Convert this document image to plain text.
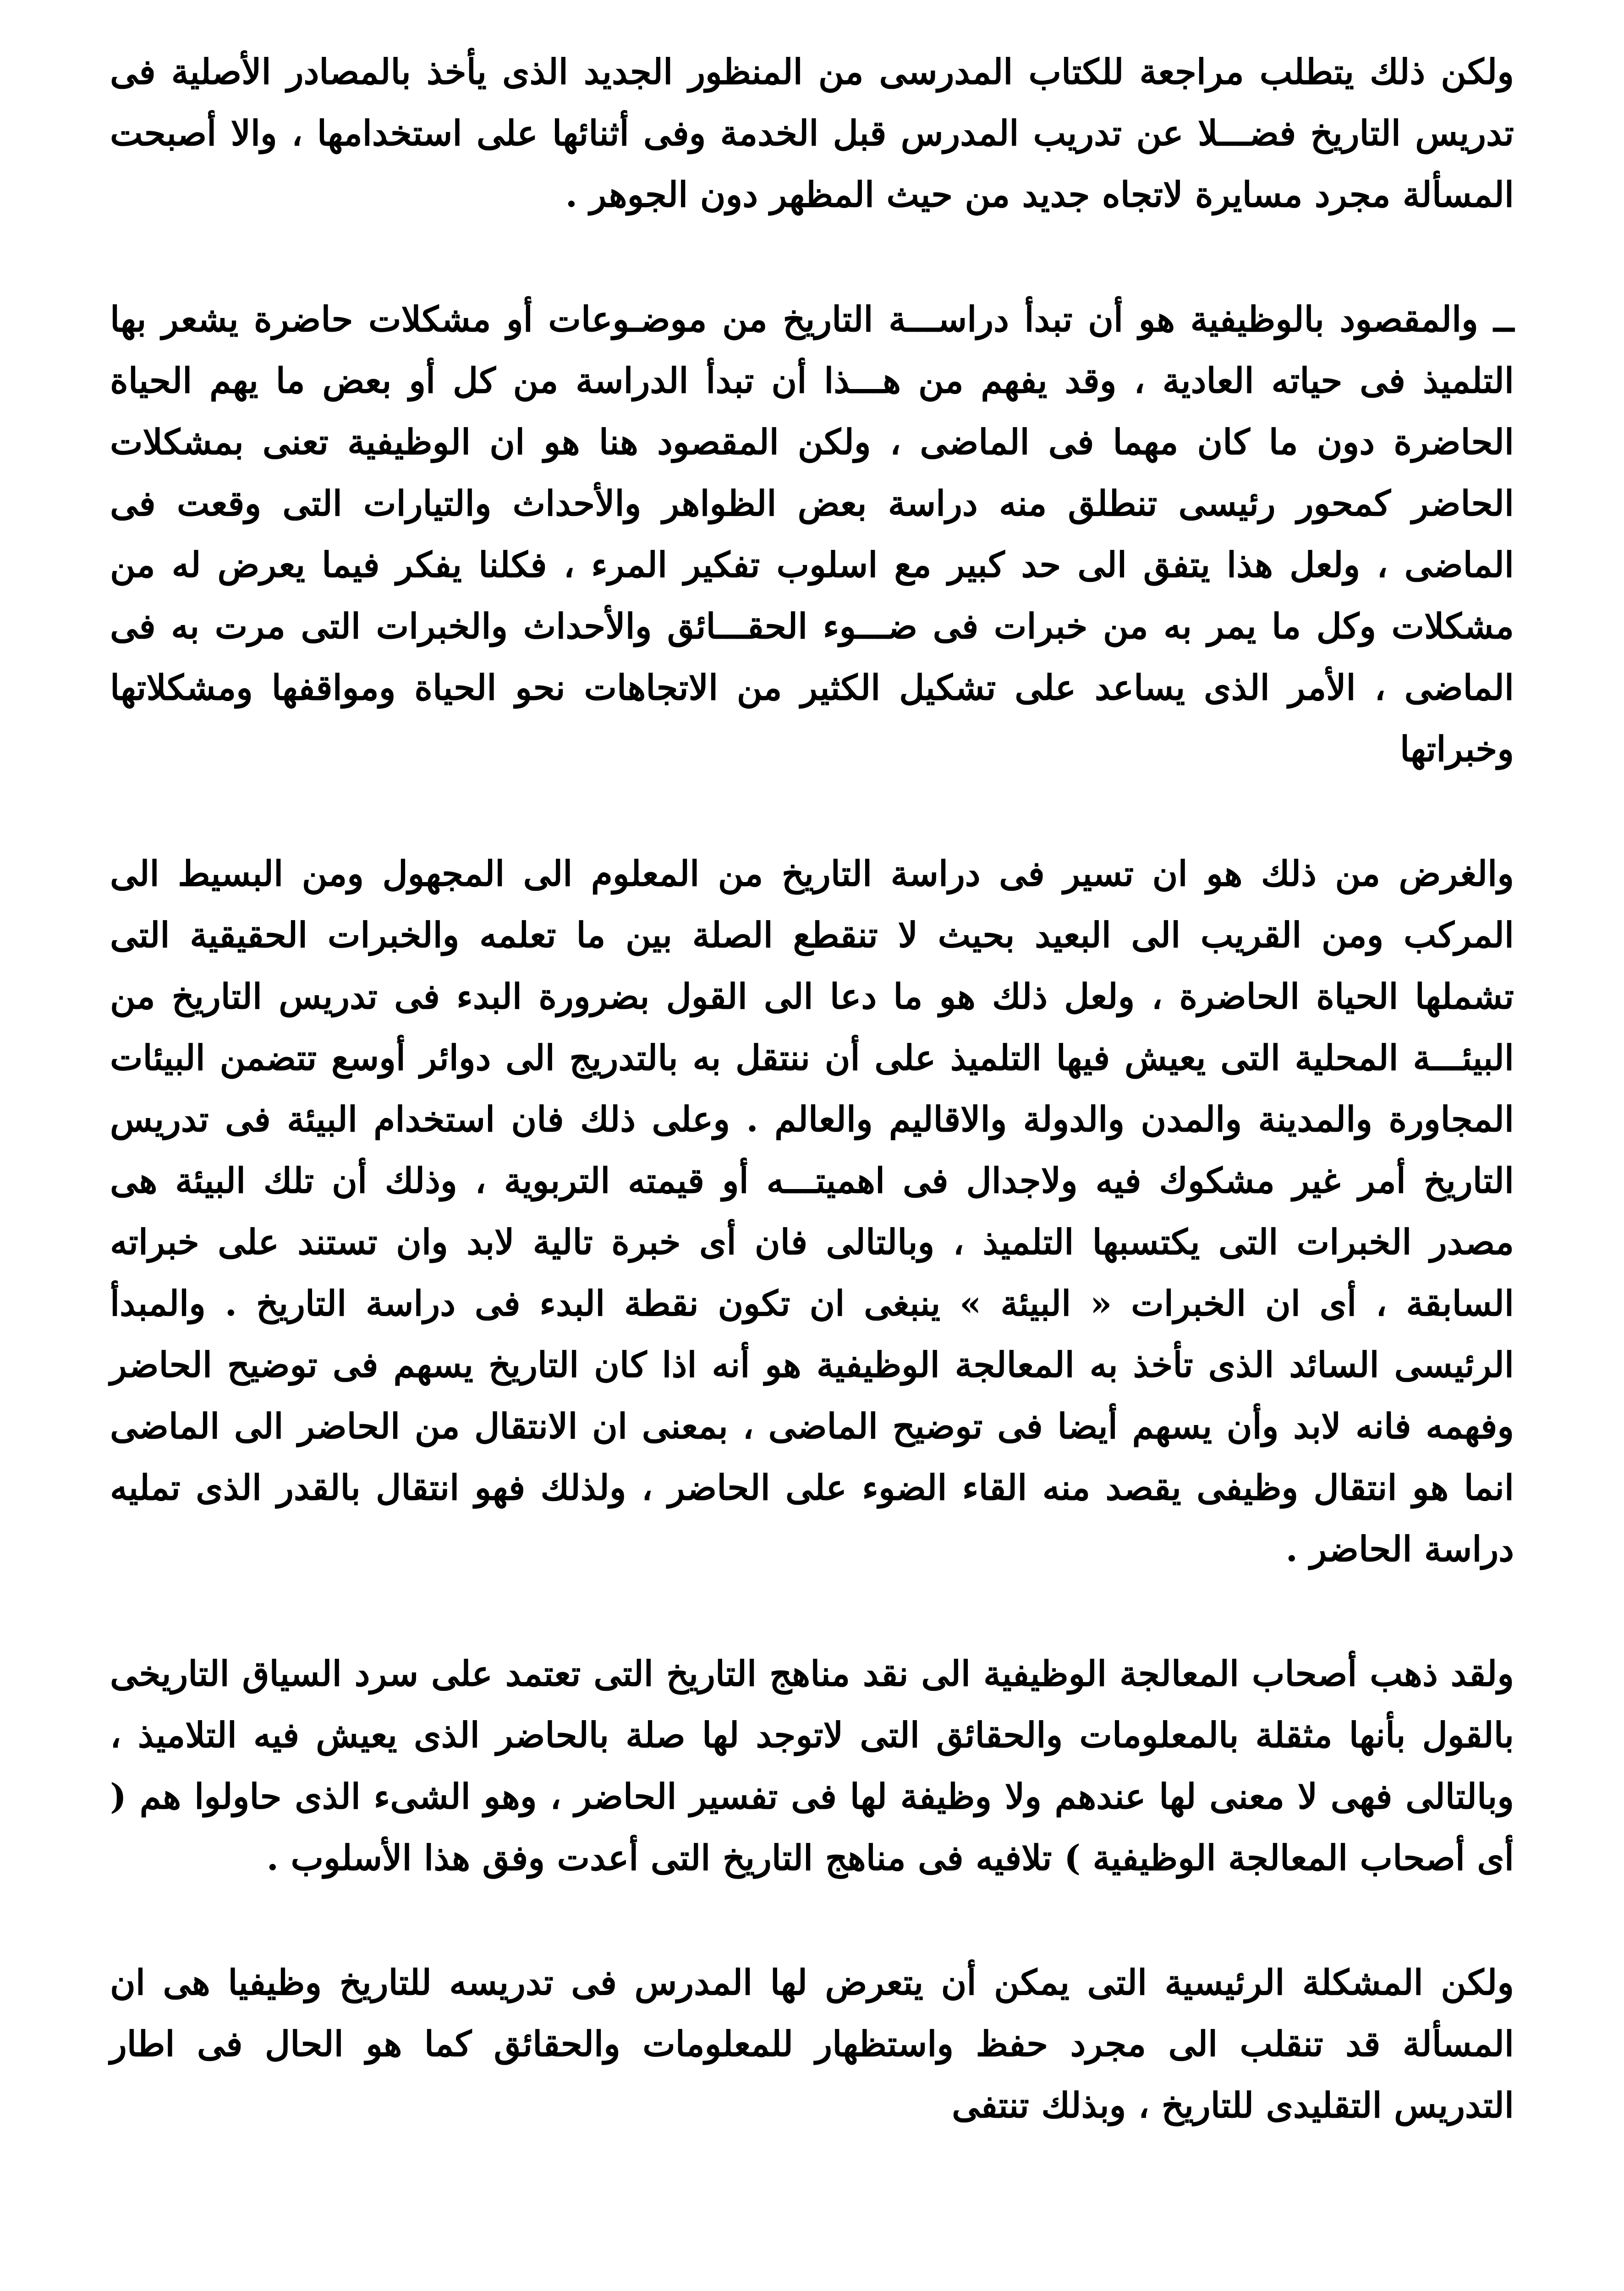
ولكن ذلك يتطلب مراجعة للكتاب المدرسى من المنظور الجديد الذى يأخذ بالمصادر الأصلية فى تدريس التاريخ فضـــلا عن تدريب المدرس قبل الخدمة وفى أثنائها على استخدامها ، والا أصبحت المسألة مجرد مسايرة لاتجاه جديد من حيث المظهر دون الجوهر .

ــ والمقصود بالوظيفية هو أن تبدأ دراســـة التاريخ من موضـوعات أو مشكلات حاضرة يشعر بها التلميذ فى حياته العادية ، وقد يفهم من هـــذا أن تبدأ الدراسة من كل أو بعض ما يهم الحياة الحاضرة دون ما كان مهما فى الماضى ، ولكن المقصود هنا هو ان الوظيفية تعنى بمشكلات الحاضر كمحور رئيسى تنطلق منه دراسة بعض الظواهر والأحداث والتيارات التى وقعت فى الماضى ، ولعل هذا يتفق الى حد كبير مع اسلوب تفكير المرء ، فكلنا يفكر فيما يعرض له من مشكلات وكل ما يمر به من خبرات فى ضـــوء الحقـــائق والأحداث والخبرات التى مرت به فى الماضى ، الأمر الذى يساعد على تشكيل الكثير من الاتجاهات نحو الحياة ومواقفها ومشكلاتها وخبراتها

والغرض من ذلك هو ان تسير فى دراسة التاريخ من المعلوم الى المجهول ومن البسيط الى المركب ومن القريب الى البعيد بحيث لا تنقطع الصلة بين ما تعلمه والخبرات الحقيقية التى تشملها الحياة الحاضرة ، ولعل ذلك هو ما دعا الى القول بضرورة البدء فى تدريس التاريخ من البيئـــة المحلية التى يعيش فيها التلميذ على أن ننتقل به بالتدريج الى دوائر أوسع تتضمن البيئات المجاورة والمدينة والمدن والدولة والاقاليم والعالم . وعلى ذلك فان استخدام البيئة فى تدريس التاريخ أمر غير مشكوك فيه ولاجدال فى اهميتـــه أو قيمته التربوية ، وذلك أن تلك البيئة هى مصدر الخبرات التى يكتسبها التلميذ ، وبالتالى فان أى خبرة تالية لابد وان تستند على خبراته السابقة ، أى ان الخبرات « البيئة » ينبغى ان تكون نقطة البدء فى دراسة التاريخ . والمبدأ الرئيسى السائد الذى تأخذ به المعالجة الوظيفية هو أنه اذا كان التاريخ يسهم فى توضيح الحاضر وفهمه فانه لابد وأن يسهم أيضا فى توضيح الماضى ، بمعنى ان الانتقال من الحاضر الى الماضى انما هو انتقال وظيفى يقصد منه القاء الضوء على الحاضر ، ولذلك فهو انتقال بالقدر الذى تمليه دراسة الحاضر .

ولقد ذهب أصحاب المعالجة الوظيفية الى نقد مناهج التاريخ التى تعتمد على سرد السياق التاريخى بالقول بأنها مثقلة بالمعلومات والحقائق التى لاتوجد لها صلة بالحاضر الذى يعيش فيه التلاميذ ، وبالتالى فهى لا معنى لها عندهم ولا وظيفة لها فى تفسير الحاضر ، وهو الشىء الذى حاولوا هم ( أى أصحاب المعالجة الوظيفية ) تلافيه فى مناهج التاريخ التى أعدت وفق هذا الأسلوب .

ولكن المشكلة الرئيسية التى يمكن أن يتعرض لها المدرس فى تدريسه للتاريخ وظيفيا هى ان المسألة قد تنقلب الى مجرد حفظ واستظهار للمعلومات والحقائق كما هو الحال فى اطار التدريس التقليدى للتاريخ ، وبذلك تنتفى
